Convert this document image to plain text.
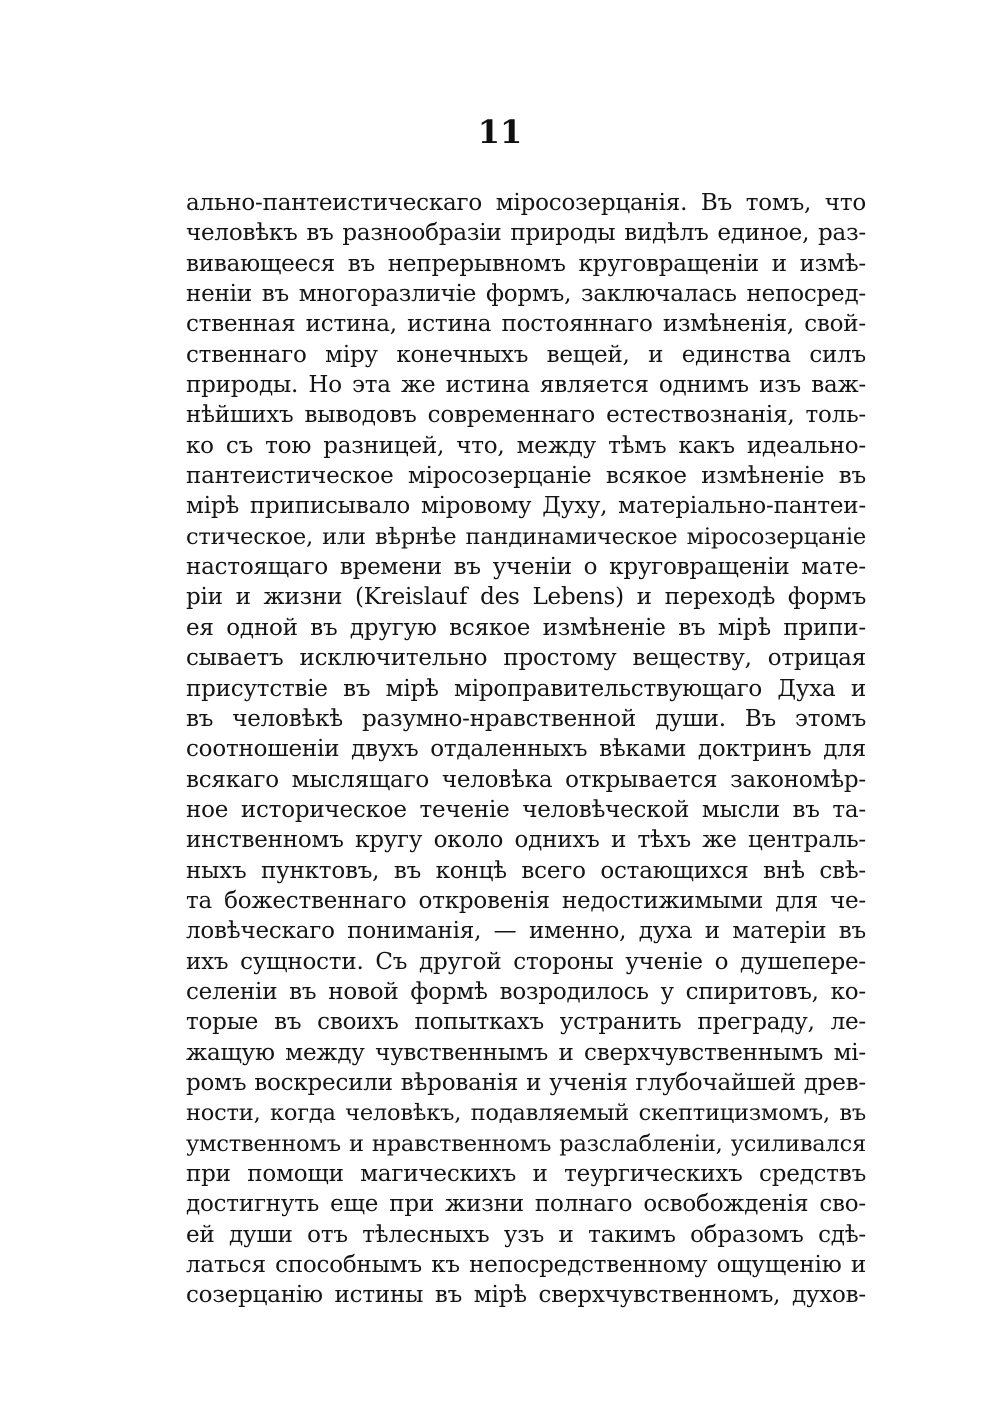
11
ально-пантеистическаго міросозерцанія. Въ томъ, что
человѣкъ въ разнообразіи природы видѣлъ единое, раз-
вивающееся въ непрерывномъ круговращеніи и измѣ-
неніи въ многоразличіе формъ, заключалась непосред-
ственная истина, истина постояннаго измѣненія, свой-
ственнаго міру конечныхъ вещей, и единства силъ
природы. Но эта же истина является однимъ изъ важ-
нѣйшихъ выводовъ современнаго естествознанія, толь-
ко съ тою разницей, что, между тѣмъ какъ идеально-
пантеистическое міросозерцаніе всякое измѣненіе въ
мірѣ приписывало міровому Духу, матеріально-пантеи-
стическое, или вѣрнѣе пандинамическое міросозерцаніе
настоящаго времени въ ученіи о круговращеніи мате-
ріи и жизни (Kreislauf des Lebens) и переходѣ формъ
ея одной въ другую всякое измѣненіе въ мірѣ припи-
сываетъ исключительно простому веществу, отрицая
присутствіе въ мірѣ міроправительствующаго Духа и
въ человѣкѣ разумно-нравственной души. Въ этомъ
соотношеніи двухъ отдаленныхъ вѣками доктринъ для
всякаго мыслящаго человѣка открывается закономѣр-
ное историческое теченіе человѣческой мысли въ та-
инственномъ кругу около однихъ и тѣхъ же централь-
ныхъ пунктовъ, въ концѣ всего остающихся внѣ свѣ-
та божественнаго откровенія недостижимыми для че-
ловѣческаго пониманія, — именно, духа и матеріи въ
ихъ сущности. Съ другой стороны ученіе о душепере-
селеніи въ новой формѣ возродилось у спиритовъ, ко-
торые въ своихъ попыткахъ устранить преграду, ле-
жащую между чувственнымъ и сверхчувственнымъ мі-
ромъ воскресили вѣрованія и ученія глубочайшей древ-
ности, когда человѣкъ, подавляемый скептицизмомъ, въ
умственномъ и нравственномъ разслабленіи, усиливался
при помощи магическихъ и теургическихъ средствъ
достигнуть еще при жизни полнаго освобожденія сво-
ей души отъ тѣлесныхъ узъ и такимъ образомъ сдѣ-
латься способнымъ къ непосредственному ощущенію и
созерцанію истины въ мірѣ сверхчувственномъ, духов-
